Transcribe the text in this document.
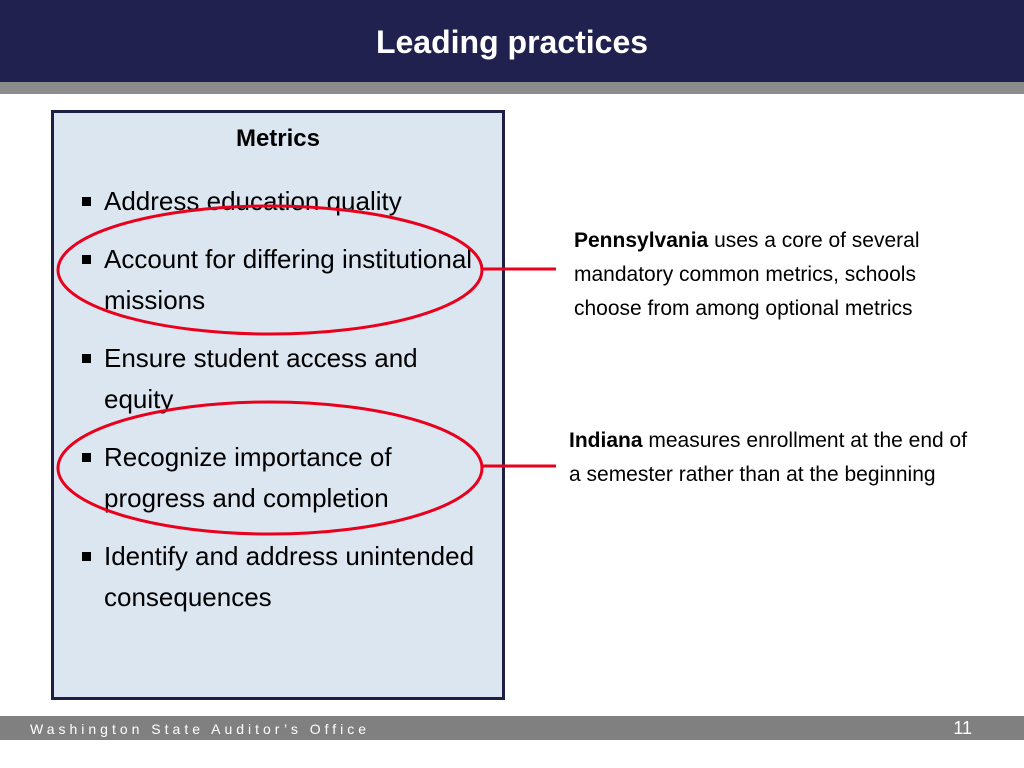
Leading practices
Metrics
Address education quality
Account for differing institutional missions
Ensure student access and equity
Recognize importance of progress and completion
Identify and address unintended consequences
Pennsylvania uses a core of several mandatory common metrics, schools choose from among optional metrics
Indiana measures enrollment at the end of a semester rather than at the beginning
Washington State Auditor’s Office	11
